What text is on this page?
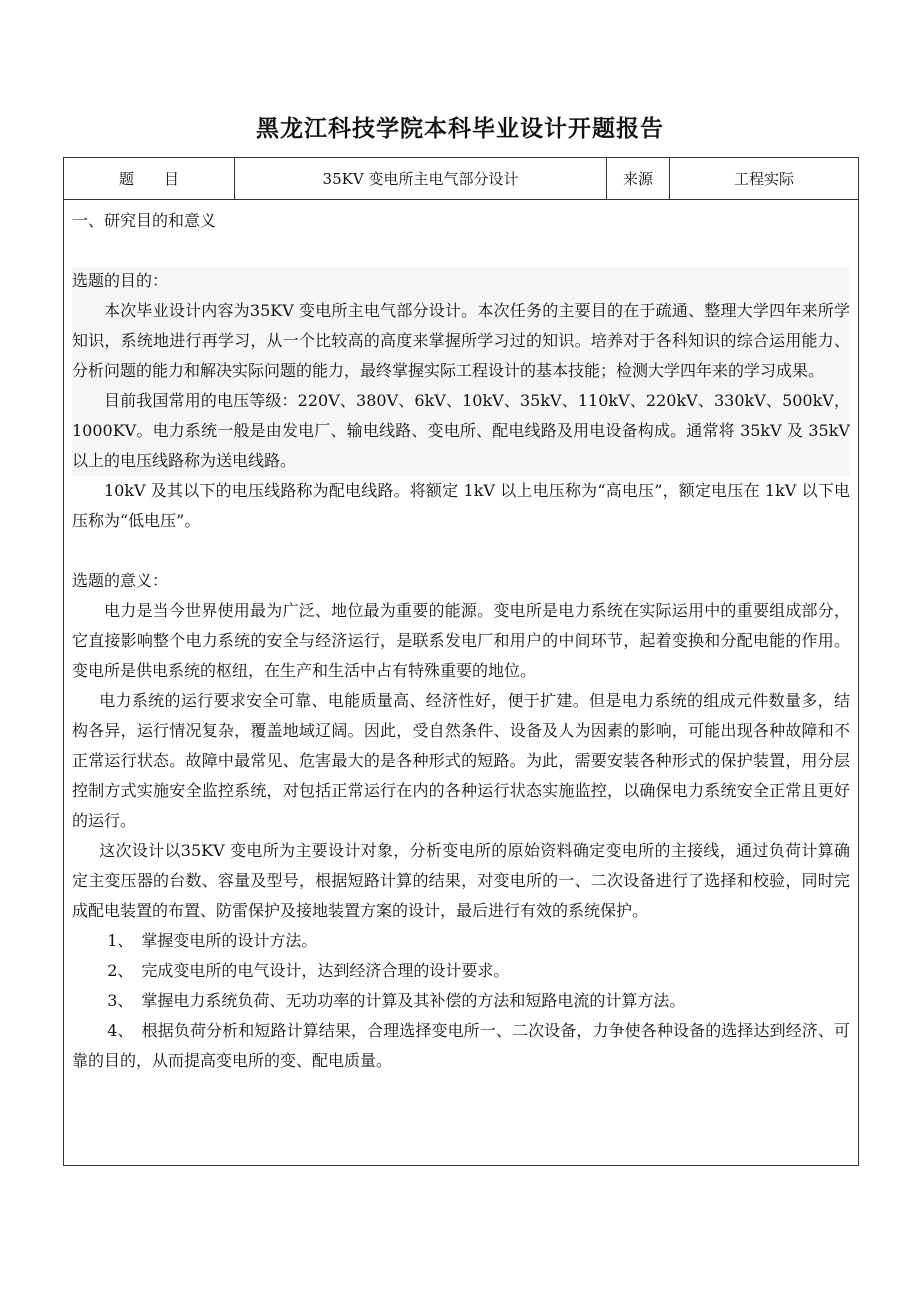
黑龙江科技学院本科毕业设计开题报告
题　　目	35KV 变电所主电气部分设计	来源	工程实际

一、研究目的和意义

选题的目的：

本次毕业设计内容为35KV 变电所主电气部分设计。本次任务的主要目的在于疏通、整理大学四年来所学知识，系统地进行再学习，从一个比较高的高度来掌握所学习过的知识。培养对于各科知识的综合运用能力、分析问题的能力和解决实际问题的能力，最终掌握实际工程设计的基本技能；检测大学四年来的学习成果。

目前我国常用的电压等级：220V、380V、6kV、10kV、35kV、110kV、220kV、330kV、500kV，1000KV。电力系统一般是由发电厂、输电线路、变电所、配电线路及用电设备构成。通常将 35kV 及 35kV 以上的电压线路称为送电线路。

10kV 及其以下的电压线路称为配电线路。将额定 1kV 以上电压称为“高电压”，额定电压在 1kV 以下电压称为“低电压”。

选题的意义：

电力是当今世界使用最为广泛、地位最为重要的能源。变电所是电力系统在实际运用中的重要组成部分，它直接影响整个电力系统的安全与经济运行，是联系发电厂和用户的中间环节，起着变换和分配电能的作用。变电所是供电系统的枢纽，在生产和生活中占有特殊重要的地位。

电力系统的运行要求安全可靠、电能质量高、经济性好，便于扩建。但是电力系统的组成元件数量多，结构各异，运行情况复杂，覆盖地域辽阔。因此，受自然条件、设备及人为因素的影响，可能出现各种故障和不正常运行状态。故障中最常见、危害最大的是各种形式的短路。为此，需要安装各种形式的保护装置，用分层控制方式实施安全监控系统，对包括正常运行在内的各种运行状态实施监控，以确保电力系统安全正常且更好的运行。

这次设计以35KV 变电所为主要设计对象，分析变电所的原始资料确定变电所的主接线，通过负荷计算确定主变压器的台数、容量及型号，根据短路计算的结果，对变电所的一、二次设备进行了选择和校验，同时完成配电装置的布置、防雷保护及接地装置方案的设计，最后进行有效的系统保护。

1、　掌握变电所的设计方法。

2、　完成变电所的电气设计，达到经济合理的设计要求。

3、　掌握电力系统负荷、无功功率的计算及其补偿的方法和短路电流的计算方法。

4、　根据负荷分析和短路计算结果，合理选择变电所一、二次设备，力争使各种设备的选择达到经济、可靠的目的，从而提高变电所的变、配电质量。
